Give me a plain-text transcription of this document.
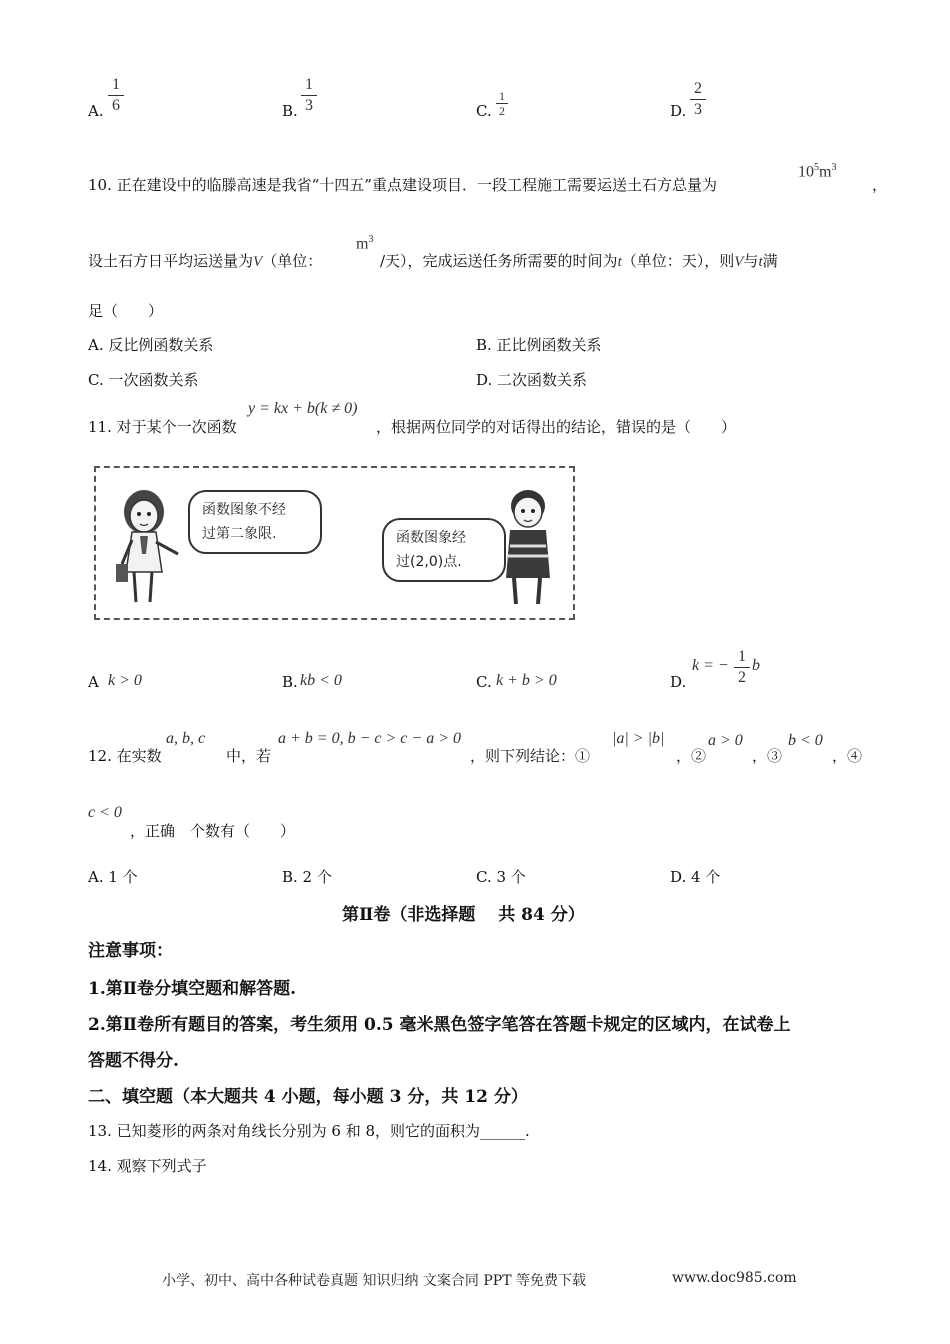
A.
1
6	B.
1
3	C.
1
2	D.
2
3
10. 正在建设中的临滕高速是我省“十四五”重点建设项目．一段工程施工需要运送土石方总量为
$10^5m^3$
，
设土石方日平均运送量为V（单位：
$m^3$
/天），完成运送任务所需要的时间为t（单位：天），则V与t满
足（　　）
A. 反比例函数关系	B. 正比例函数关系
C. 一次函数关系	D. 二次函数关系
11. 对于某个一次函数
y = kx + b(k ≠ 0)
，根据两位同学的对话得出的结论，错误的是（　　）
函数图象不经
过第二象限.	函数图象经
过(2,0)点.
A k > 0	B. kb < 0	C. k + b > 0	D.
k = −
1
2
b
12. 在实数
a, b, c
中，若
a + b = 0, b − c > c − a > 0
，则下列结论：①
|a| > |b|
，②
a > 0
，③
b < 0
，④
c < 0
，正确　个数有（　　）
A. 1 个	B. 2 个	C. 3 个	D. 4 个
第Ⅱ卷（非选择题　 共 84 分）
注意事项：
1.第Ⅱ卷分填空题和解答题.
2.第Ⅱ卷所有题目的答案，考生须用 0.5 毫米黑色签字笔答在答题卡规定的区域内，在试卷上
答题不得分.
二、填空题（本大题共 4 小题，每小题 3 分，共 12 分）
13. 已知菱形的两条对角线长分别为 6 和 8，则它的面积为______.
14. 观察下列式子
小学、初中、高中各种试卷真题 知识归纳 文案合同 PPT 等免费下载	www.doc985.com
